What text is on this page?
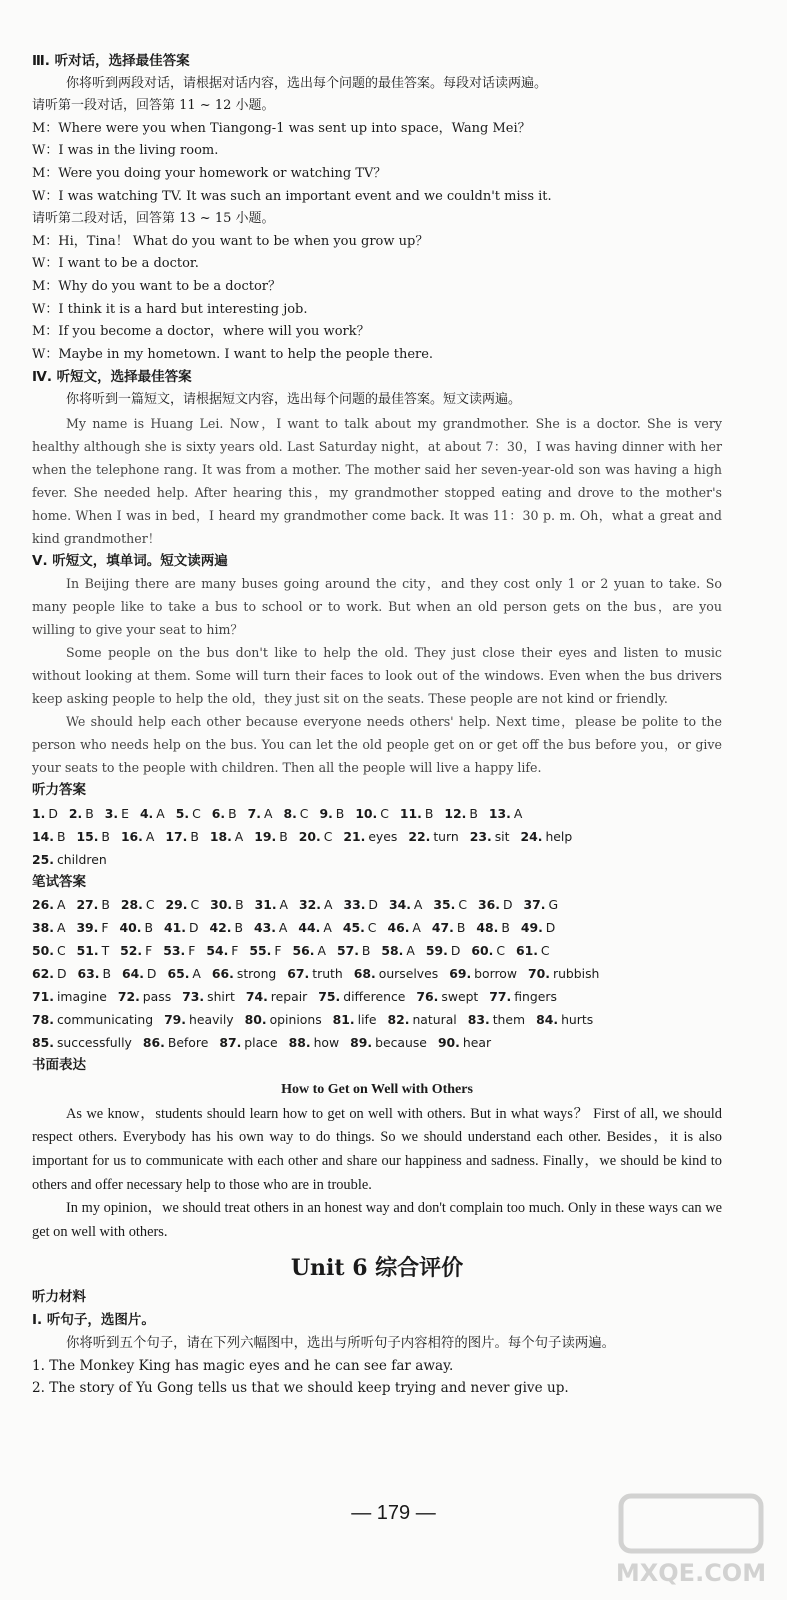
Ⅲ. 听对话，选择最佳答案
你将听到两段对话，请根据对话内容，选出每个问题的最佳答案。每段对话读两遍。
请听第一段对话，回答第 11 ~ 12 小题。
M：Where were you when Tiangong-1 was sent up into space，Wang Mei？
W：I was in the living room.
M：Were you doing your homework or watching TV？
W：I was watching TV. It was such an important event and we couldn't miss it.
请听第二段对话，回答第 13 ~ 15 小题。
M：Hi，Tina！ What do you want to be when you grow up？
W：I want to be a doctor.
M：Why do you want to be a doctor？
W：I think it is a hard but interesting job.
M：If you become a doctor，where will you work？
W：Maybe in my hometown. I want to help the people there.
Ⅳ. 听短文，选择最佳答案
你将听到一篇短文，请根据短文内容，选出每个问题的最佳答案。短文读两遍。
My name is Huang Lei. Now，I want to talk about my grandmother. She is a doctor. She is very healthy although she is sixty years old. Last Saturday night，at about 7：30，I was having dinner with her when the telephone rang. It was from a mother. The mother said her seven-year-old son was having a high fever. She needed help. After hearing this，my grandmother stopped eating and drove to the mother's home. When I was in bed，I heard my grandmother come back. It was 11：30 p. m. Oh，what a great and kind grandmother！
Ⅴ. 听短文，填单词。短文读两遍
In Beijing there are many buses going around the city，and they cost only 1 or 2 yuan to take. So many people like to take a bus to school or to work. But when an old person gets on the bus，are you willing to give your seat to him？
Some people on the bus don't like to help the old. They just close their eyes and listen to music without looking at them. Some will turn their faces to look out of the windows. Even when the bus drivers keep asking people to help the old，they just sit on the seats. These people are not kind or friendly.
We should help each other because everyone needs others' help. Next time，please be polite to the person who needs help on the bus. You can let the old people get on or get off the bus before you，or give your seats to the people with children. Then all the people will live a happy life.
听力答案
1. D 2. B 3. E 4. A 5. C 6. B 7. A 8. C 9. B 10. C 11. B 12. B 13. A
14. B 15. B 16. A 17. B 18. A 19. B 20. C 21. eyes 22. turn 23. sit 24. help
25. children
笔试答案
26. A 27. B 28. C 29. C 30. B 31. A 32. A 33. D 34. A 35. C 36. D 37. G
38. A 39. F 40. B 41. D 42. B 43. A 44. A 45. C 46. A 47. B 48. B 49. D
50. C 51. T 52. F 53. F 54. F 55. F 56. A 57. B 58. A 59. D 60. C 61. C
62. D 63. B 64. D 65. A 66. strong 67. truth 68. ourselves 69. borrow 70. rubbish
71. imagine 72. pass 73. shirt 74. repair 75. difference 76. swept 77. fingers
78. communicating 79. heavily 80. opinions 81. life 82. natural 83. them 84. hurts
85. successfully 86. Before 87. place 88. how 89. because 90. hear
书面表达
How to Get on Well with Others

As we know，students should learn how to get on well with others. But in what ways？ First of all, we should respect others. Everybody has his own way to do things. So we should understand each other. Besides，it is also important for us to communicate with each other and share our happiness and sadness. Finally，we should be kind to others and offer necessary help to those who are in trouble.

In my opinion，we should treat others in an honest way and don't complain too much. Only in these ways can we get on well with others.

Unit 6 综合评价
听力材料
Ⅰ. 听句子，选图片。
你将听到五个句子，请在下列六幅图中，选出与所听句子内容相符的图片。每个句子读两遍。
1. The Monkey King has magic eyes and he can see far away.
2. The story of Yu Gong tells us that we should keep trying and never give up.
— 179 —
MXQE.COM
